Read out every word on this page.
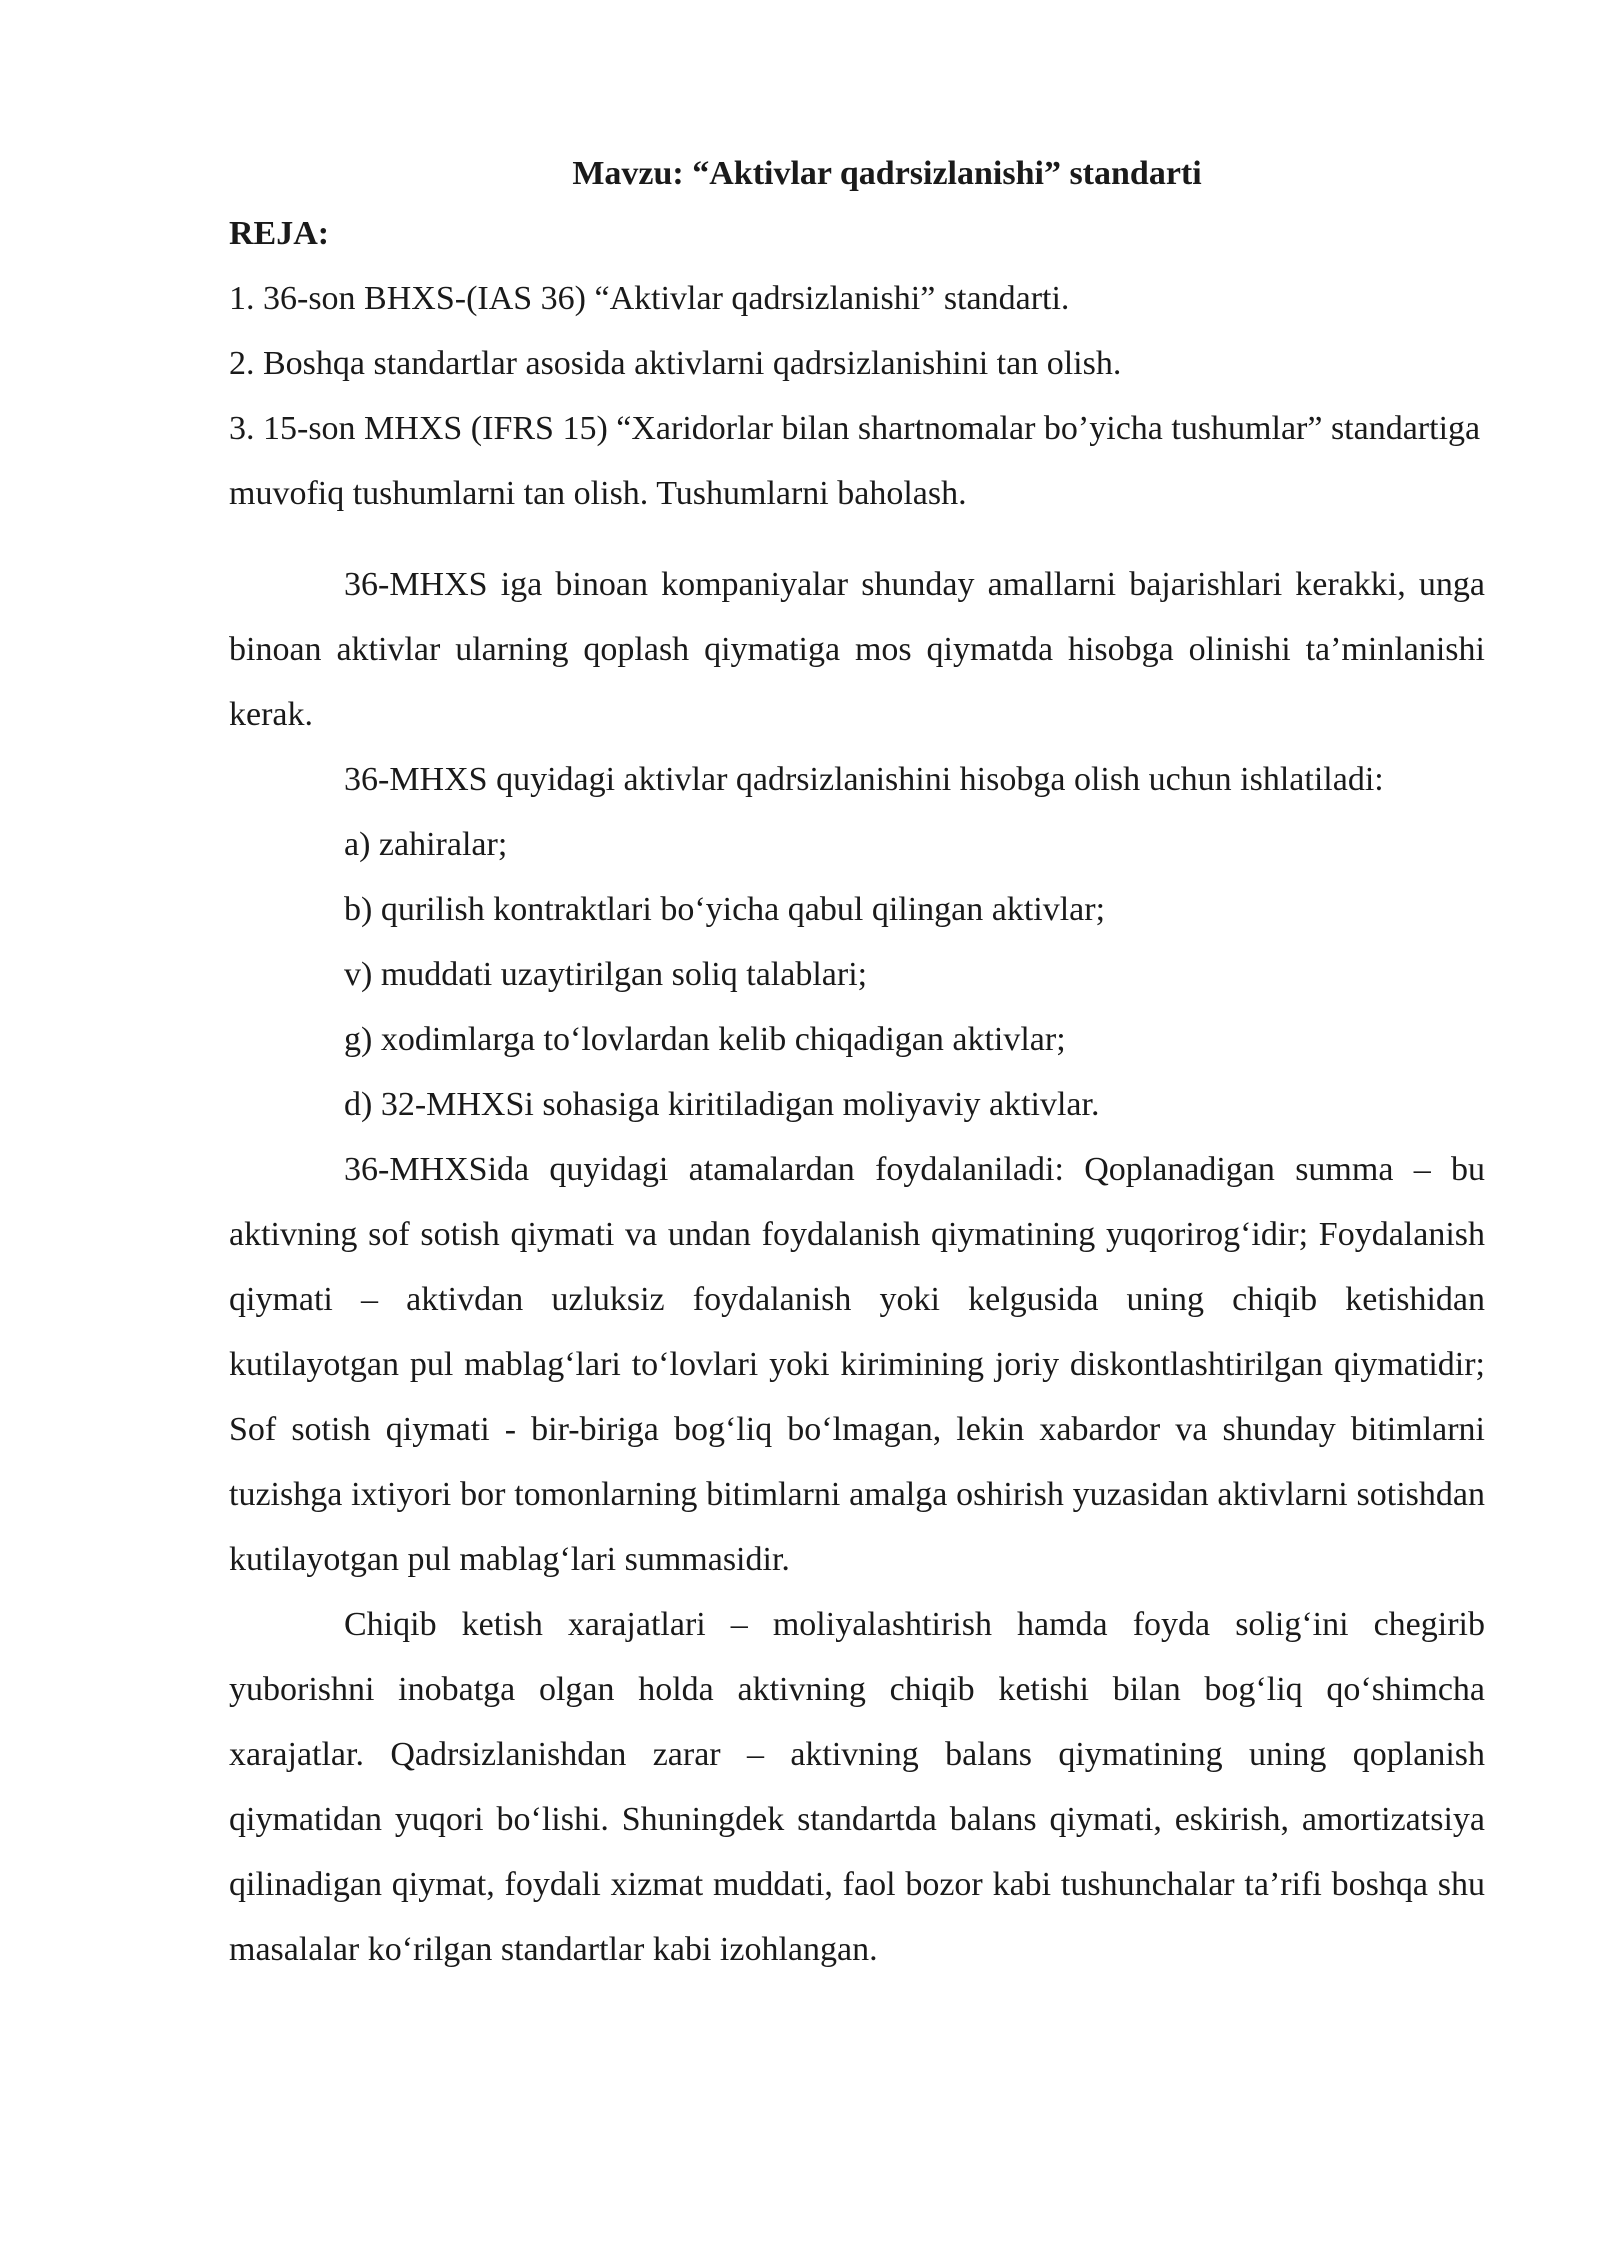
Mavzu: “Aktivlar qadrsizlanishi” standarti

REJA:

1. 36-son BHXS-(IAS 36) “Aktivlar qadrsizlanishi” standarti.

2. Boshqa standartlar asosida aktivlarni qadrsizlanishini tan olish.

3. 15-son MHXS (IFRS 15) “Xaridorlar bilan shartnomalar bo’yicha tushumlar” standartiga muvofiq tushumlarni tan olish. Tushumlarni baholash.

36-MHXS iga binoan kompaniyalar shunday amallarni bajarishlari kerakki, unga binoan aktivlar ularning qoplash qiymatiga mos qiymatda hisobga olinishi ta’minlanishi kerak.

36-MHXS quyidagi aktivlar qadrsizlanishini hisobga olish uchun ishlatiladi:

a) zahiralar;

b) qurilish kontraktlari bo‘yicha qabul qilingan aktivlar;

v) muddati uzaytirilgan soliq talablari;

g) xodimlarga to‘lovlardan kelib chiqadigan aktivlar;

d) 32-MHXSi sohasiga kiritiladigan moliyaviy aktivlar.

36-MHXSida quyidagi atamalardan foydalaniladi: Qoplanadigan summa – bu aktivning sof sotish qiymati va undan foydalanish qiymatining yuqorirog‘idir; Foydalanish qiymati – aktivdan uzluksiz foydalanish yoki kelgusida uning chiqib ketishidan kutilayotgan pul mablag‘lari to‘lovlari yoki kirimining joriy diskontlashtirilgan qiymatidir; Sof sotish qiymati - bir-biriga bog‘liq bo‘lmagan, lekin xabardor va shunday bitimlarni tuzishga ixtiyori bor tomonlarning bitimlarni amalga oshirish yuzasidan aktivlarni sotishdan kutilayotgan pul mablag‘lari summasidir.

Chiqib ketish xarajatlari – moliyalashtirish hamda foyda solig‘ini chegirib yuborishni inobatga olgan holda aktivning chiqib ketishi bilan bog‘liq qo‘shimcha xarajatlar. Qadrsizlanishdan zarar – aktivning balans qiymatining uning qoplanish qiymatidan yuqori bo‘lishi. Shuningdek standartda balans qiymati, eskirish, amortizatsiya qilinadigan qiymat, foydali xizmat muddati, faol bozor kabi tushunchalar ta’rifi boshqa shu masalalar ko‘rilgan standartlar kabi izohlangan.
